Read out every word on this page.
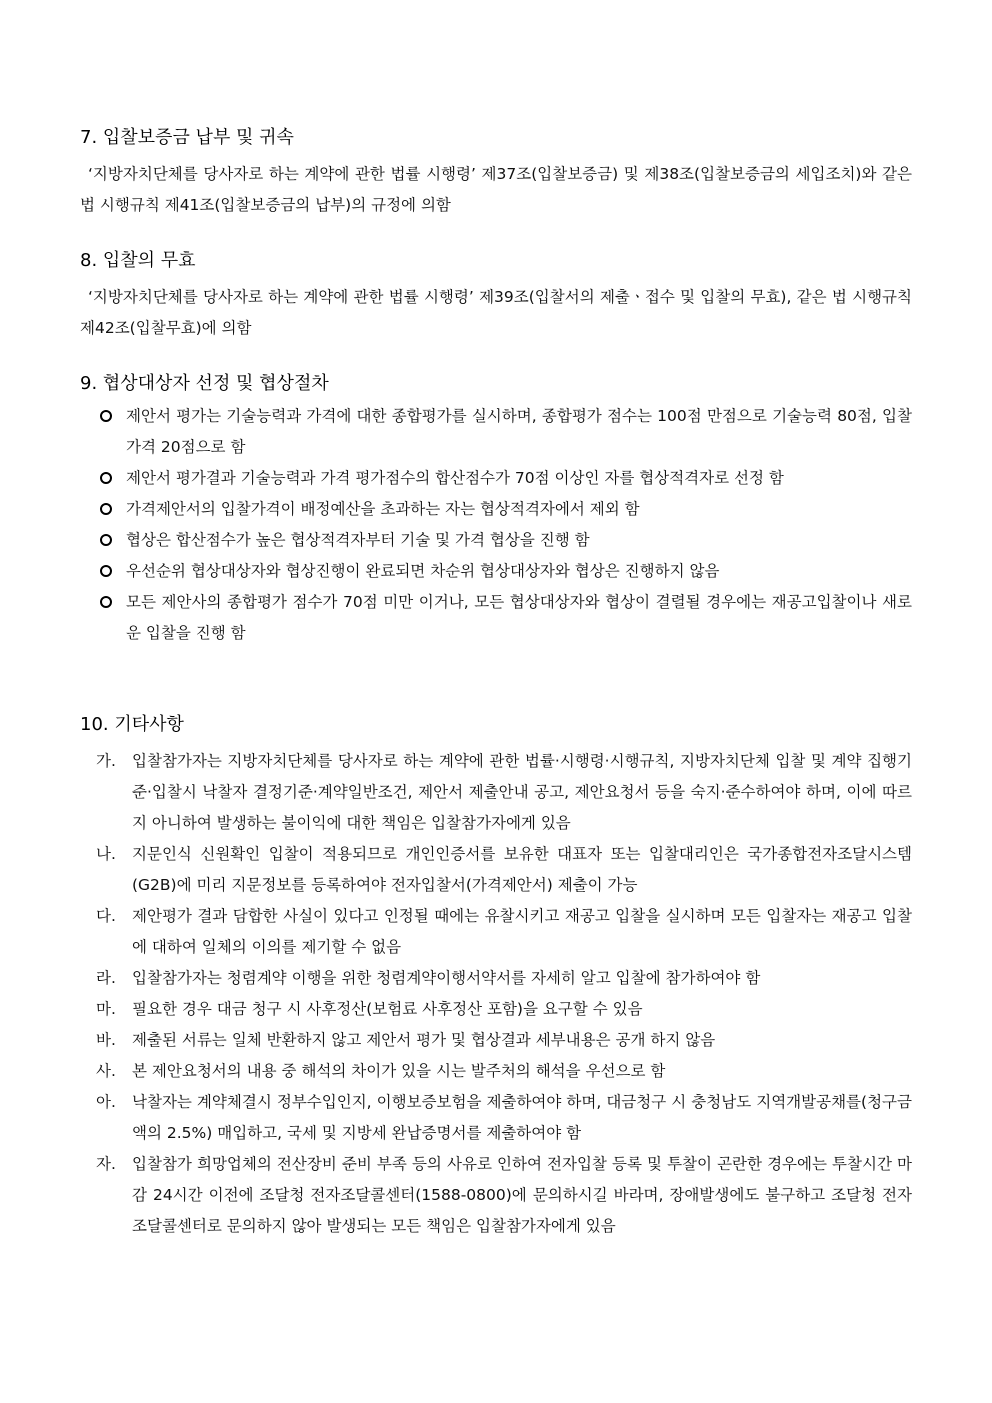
7. 입찰보증금 납부 및 귀속

‘지방자치단체를 당사자로 하는 계약에 관한 법률 시행령’ 제37조(입찰보증금) 및 제38조(입찰보증금의 세입조치)와 같은 법 시행규칙 제41조(입찰보증금의 납부)의 규정에 의함

8. 입찰의 무효

‘지방자치단체를 당사자로 하는 계약에 관한 법률 시행령’ 제39조(입찰서의 제출ㆍ접수 및 입찰의 무효), 같은 법 시행규칙 제42조(입찰무효)에 의함

9. 협상대상자 선정 및 협상절차
제안서 평가는 기술능력과 가격에 대한 종합평가를 실시하며, 종합평가 점수는 100점 만점으로 기술능력 80점, 입찰가격 20점으로 함
제안서 평가결과 기술능력과 가격 평가점수의 합산점수가 70점 이상인 자를 협상적격자로 선정 함
가격제안서의 입찰가격이 배정예산을 초과하는 자는 협상적격자에서 제외 함
협상은 합산점수가 높은 협상적격자부터 기술 및 가격 협상을 진행 함
우선순위 협상대상자와 협상진행이 완료되면 차순위 협상대상자와 협상은 진행하지 않음
모든 제안사의 종합평가 점수가 70점 미만 이거나, 모든 협상대상자와 협상이 결렬될 경우에는 재공고입찰이나 새로운 입찰을 진행 함
10. 기타사항
가. 입찰참가자는 지방자치단체를 당사자로 하는 계약에 관한 법률·시행령·시행규칙, 지방자치단체 입찰 및 계약 집행기준·입찰시 낙찰자 결정기준·계약일반조건, 제안서 제출안내 공고, 제안요청서 등을 숙지·준수하여야 하며, 이에 따르지 아니하여 발생하는 불이익에 대한 책임은 입찰참가자에게 있음
나. 지문인식 신원확인 입찰이 적용되므로 개인인증서를 보유한 대표자 또는 입찰대리인은 국가종합전자조달시스템(G2B)에 미리 지문정보를 등록하여야 전자입찰서(가격제안서) 제출이 가능
다. 제안평가 결과 담합한 사실이 있다고 인정될 때에는 유찰시키고 재공고 입찰을 실시하며 모든 입찰자는 재공고 입찰에 대하여 일체의 이의를 제기할 수 없음
라. 입찰참가자는 청렴계약 이행을 위한 청렴계약이행서약서를 자세히 알고 입찰에 참가하여야 함
마. 필요한 경우 대금 청구 시 사후정산(보험료 사후정산 포함)을 요구할 수 있음
바. 제출된 서류는 일체 반환하지 않고 제안서 평가 및 협상결과 세부내용은 공개 하지 않음
사. 본 제안요청서의 내용 중 해석의 차이가 있을 시는 발주처의 해석을 우선으로 함
아. 낙찰자는 계약체결시 정부수입인지, 이행보증보험을 제출하여야 하며, 대금청구 시 충청남도 지역개발공채를(청구금액의 2.5%) 매입하고, 국세 및 지방세 완납증명서를 제출하여야 함
자. 입찰참가 희망업체의 전산장비 준비 부족 등의 사유로 인하여 전자입찰 등록 및 투찰이 곤란한 경우에는 투찰시간 마감 24시간 이전에 조달청 전자조달콜센터(1588-0800)에 문의하시길 바라며, 장애발생에도 불구하고 조달청 전자조달콜센터로 문의하지 않아 발생되는 모든 책임은 입찰참가자에게 있음
